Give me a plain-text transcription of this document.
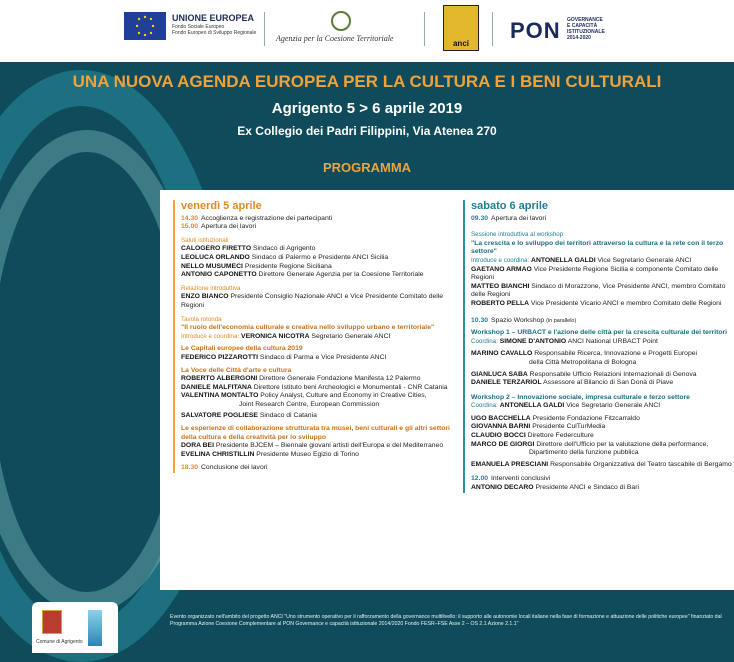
UNIONE EUROPEA
Fondo Sociale Europeo
Fondo Europeo di Sviluppo Regionale
Agenzia per la Coesione Territoriale
anci
PON GOVERNANCE
E CAPACITÀ
ISTITUZIONALE
2014-2020
UNA NUOVA AGENDA EUROPEA PER LA CULTURA E I BENI CULTURALI
Agrigento 5 > 6 aprile 2019
Ex Collegio dei Padri Filippini, Via Atenea 270
PROGRAMMA
venerdì 5 aprile
14.30 Accoglienza e registrazione dei partecipanti
15.00 Apertura dei lavori
Saluti istituzionali
CALOGERO FIRETTO Sindaco di Agrigento
LEOLUCA ORLANDO Sindaco di Palermo e Presidente ANCI Sicilia
NELLO MUSUMECI Presidente Regione Siciliana
ANTONIO CAPONETTO Direttore Generale Agenzia per la Coesione Territoriale
Relazione introduttiva
ENZO BIANCO Presidente Consiglio Nazionale ANCI e Vice Presidente Comitato delle Regioni
Tavola rotonda
"Il ruolo dell'economia culturale e creativa nello sviluppo urbano e territoriale"
Introduce e coordina: VERONICA NICOTRA Segretario Generale ANCI
Le Capitali europee della cultura 2019
FEDERICO PIZZAROTTI Sindaco di Parma e Vice Presidente ANCI
La Voce delle Città d'arte e cultura
ROBERTO ALBERGONI Direttore Generale Fondazione Manifesta 12 Palermo
DANIELE MALFITANA Direttore Istituto beni Archeologici e Monumentali - CNR Catania
VALENTINA MONTALTO Policy Analyst, Culture and Economy in Creative Cities,
Joint Research Centre, European Commission
SALVATORE POGLIESE Sindaco di Catania
Le esperienze di collaborazione strutturata tra musei, beni culturali e gli altri settori della cultura e della creatività per lo sviluppo
DORA BEI Presidente BJCEM – Biennale giovani artisti dell'Europa e del Mediterraneo
EVELINA CHRISTILLIN Presidente Museo Egizio di Torino
18.30 Conclusione dei lavori
sabato 6 aprile
09.30 Apertura dei lavori
Sessione introduttiva al workshop
"La crescita e lo sviluppo dei territori attraverso la cultura e la rete con il terzo settore"
Introduce e coordina: ANTONELLA GALDI Vice Segretario Generale ANCI
GAETANO ARMAO Vice Presidente Regione Sicilia e componente Comitato delle Regioni
MATTEO BIANCHI Sindaco di Morazzone, Vice Presidente ANCI, membro Comitato delle Regioni
ROBERTO PELLA Vice Presidente Vicario ANCI e membro Comitato delle Regioni
10.30 Spazio Workshop (in parallelo)
Workshop 1 – URBACT e l'azione delle città per la crescita culturale dei territori
Coordina: SIMONE D'ANTONIO ANCI National URBACT Point
MARINO CAVALLO Responsabile Ricerca, Innovazione e Progetti Europei
della Città Metropolitana di Bologna
GIANLUCA SABA Responsabile Ufficio Relazioni Internazionali di Genova
DANIELE TERZARIOL Assessore al Bilancio di San Donà di Piave
Workshop 2 – Innovazione sociale, impresa culturale e terzo settore
Coordina: ANTONELLA GALDI Vice Segretario Generale ANCI
UGO BACCHELLA Presidente Fondazione Fitzcarraldo
GIOVANNA BARNI Presidente CulTurMedia
CLAUDIO BOCCI Direttore Federculture
MARCO DE GIORGI Direttore dell'Ufficio per la valutazione della performance,
Dipartimento della funzione pubblica
EMANUELA PRESCIANI Responsabile Organizzativa del Teatro tascabile di Bergamo
12.00 Interventi conclusivi
ANTONIO DECARO Presidente ANCI e Sindaco di Bari
Comune di Agrigento
Evento organizzato nell'ambito del progetto ANCI "Uno strumento operativo per il rafforzamento della governance multilivello: il supporto alle autonomie locali italiane nella fase di formazione e attuazione delle politiche europee" finanziato dal Programma Azione Coesione Complementare al PON Governance e capacità istituzionale 2014/2020 Fondo FESR–FSE Asse 2 – OS 2.1 Azione 2.1.1"
